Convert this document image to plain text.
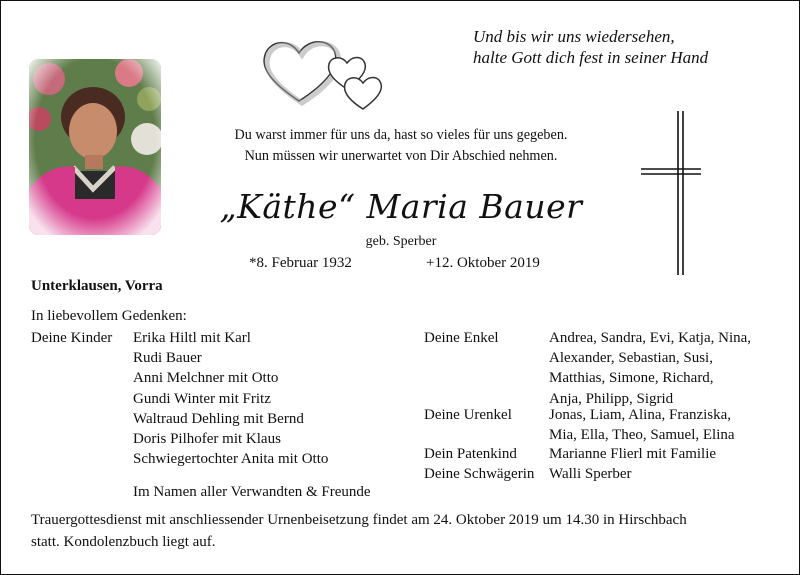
Und bis wir uns wiedersehen,
halte Gott dich fest in seiner Hand
Du warst immer für uns da, hast so vieles für uns gegeben.
Nun müssen wir unerwartet von Dir Abschied nehmen.
„Käthe“ Maria Bauer
geb. Sperber
*8. Februar 1932	+12. Oktober 2019
Unterklausen, Vorra
In liebevollem Gedenken:
Deine Kinder Erika Hiltl mit Karl
Rudi Bauer
Anni Melchner mit Otto
Gundi Winter mit Fritz
Waltraud Dehling mit Bernd
Doris Pilhofer mit Klaus
Schwiegertochter Anita mit Otto
Im Namen aller Verwandten & Freunde
Deine Enkel	Andrea, Sandra, Evi, Katja, Nina,
Alexander, Sebastian, Susi,
Matthias, Simone, Richard,
Anja, Philipp, Sigrid
Deine Urenkel Jonas, Liam, Alina, Franziska,
Mia, Ella, Theo, Samuel, Elina
Dein Patenkind Marianne Flierl mit Familie
Deine Schwägerin Walli Sperber
Trauergottesdienst mit anschliessender Urnenbeisetzung findet am 24. Oktober 2019 um 14.30 in Hirschbach
statt. Kondolenzbuch liegt auf.
